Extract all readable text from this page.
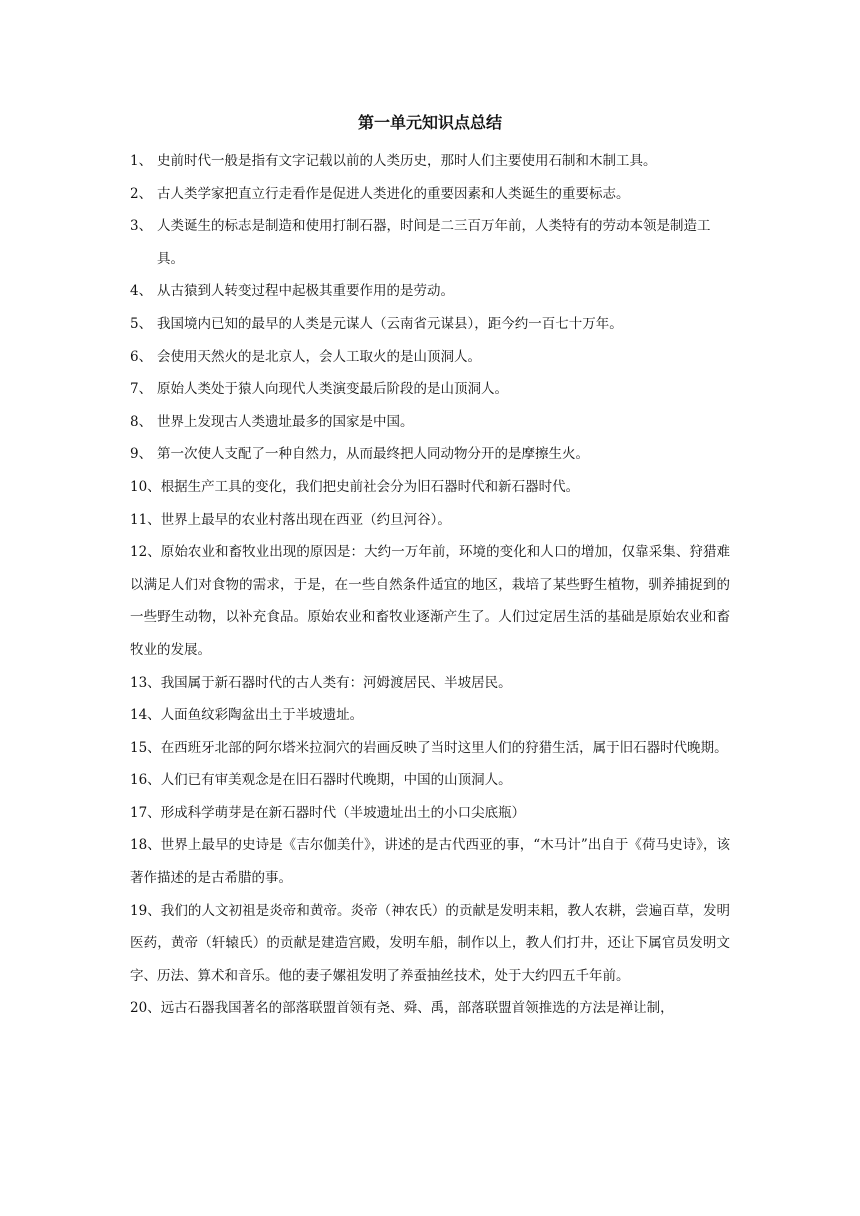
第一单元知识点总结
1、 史前时代一般是指有文字记载以前的人类历史，那时人们主要使用石制和木制工具。
2、 古人类学家把直立行走看作是促进人类进化的重要因素和人类诞生的重要标志。
3、 人类诞生的标志是制造和使用打制石器，时间是二三百万年前，人类特有的劳动本领是制造工具。
4、 从古猿到人转变过程中起极其重要作用的是劳动。
5、 我国境内已知的最早的人类是元谋人（云南省元谋县），距今约一百七十万年。
6、 会使用天然火的是北京人，会人工取火的是山顶洞人。
7、 原始人类处于猿人向现代人类演变最后阶段的是山顶洞人。
8、 世界上发现古人类遗址最多的国家是中国。
9、 第一次使人支配了一种自然力，从而最终把人同动物分开的是摩擦生火。
10、根据生产工具的变化，我们把史前社会分为旧石器时代和新石器时代。
11、世界上最早的农业村落出现在西亚（约旦河谷）。
12、原始农业和畜牧业出现的原因是：大约一万年前，环境的变化和人口的增加，仅靠采集、狩猎难以满足人们对食物的需求，于是，在一些自然条件适宜的地区，栽培了某些野生植物，驯养捕捉到的一些野生动物，以补充食品。原始农业和畜牧业逐渐产生了。人们过定居生活的基础是原始农业和畜牧业的发展。
13、我国属于新石器时代的古人类有：河姆渡居民、半坡居民。
14、人面鱼纹彩陶盆出土于半坡遗址。
15、在西班牙北部的阿尔塔米拉洞穴的岩画反映了当时这里人们的狩猎生活，属于旧石器时代晚期。
16、人们已有审美观念是在旧石器时代晚期，中国的山顶洞人。
17、形成科学萌芽是在新石器时代（半坡遗址出土的小口尖底瓶）
18、世界上最早的史诗是《吉尔伽美什》，讲述的是古代西亚的事，“木马计”出自于《荷马史诗》，该著作描述的是古希腊的事。
19、我们的人文初祖是炎帝和黄帝。炎帝（神农氏）的贡献是发明耒耜，教人农耕，尝遍百草，发明医药，黄帝（轩辕氏）的贡献是建造宫殿，发明车船，制作以上，教人们打井，还让下属官员发明文字、历法、算术和音乐。他的妻子嫘祖发明了养蚕抽丝技术，处于大约四五千年前。
20、远古石器我国著名的部落联盟首领有尧、舜、禹，部落联盟首领推选的方法是禅让制，
